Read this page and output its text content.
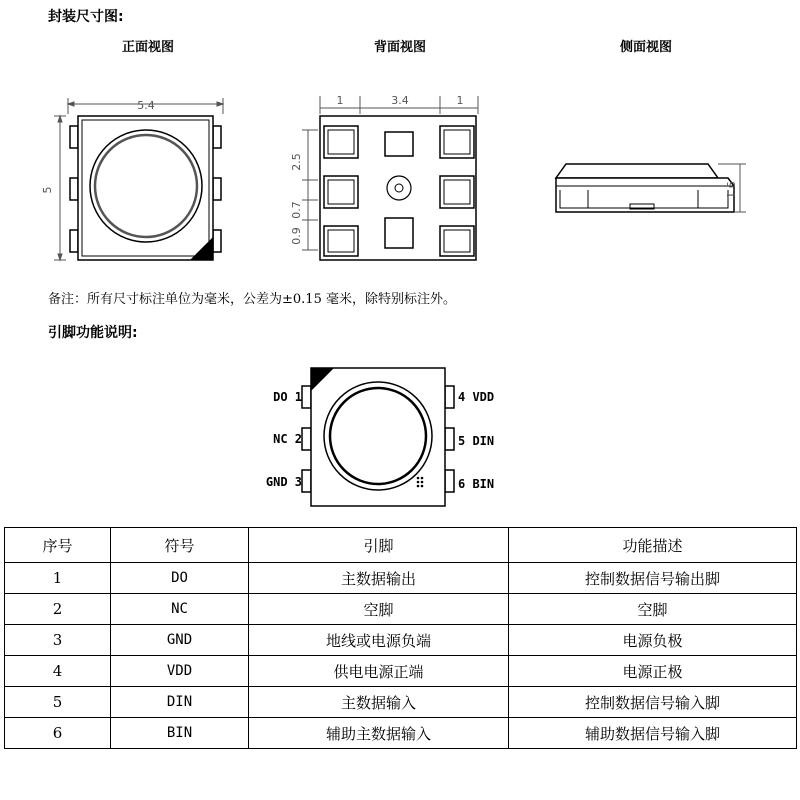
封装尺寸图:
正面视图	背面视图	侧面视图
5.4
5
1	3.4	1
2.5
0.7
0.9
1.6
备注：所有尺寸标注单位为毫米，公差为±0.15 毫米，除特别标注外。
引脚功能说明:
DO 1
NC 2
GND 3
4 VDD
5 DIN
6 BIN
序号	符号	引脚	功能描述
1	DO	主数据输出	控制数据信号输出脚
2	NC	空脚	空脚
3	GND	地线或电源负端	电源负极
4	VDD	供电电源正端	电源正极
5	DIN	主数据输入	控制数据信号输入脚
6	BIN	辅助主数据输入	辅助数据信号输入脚
